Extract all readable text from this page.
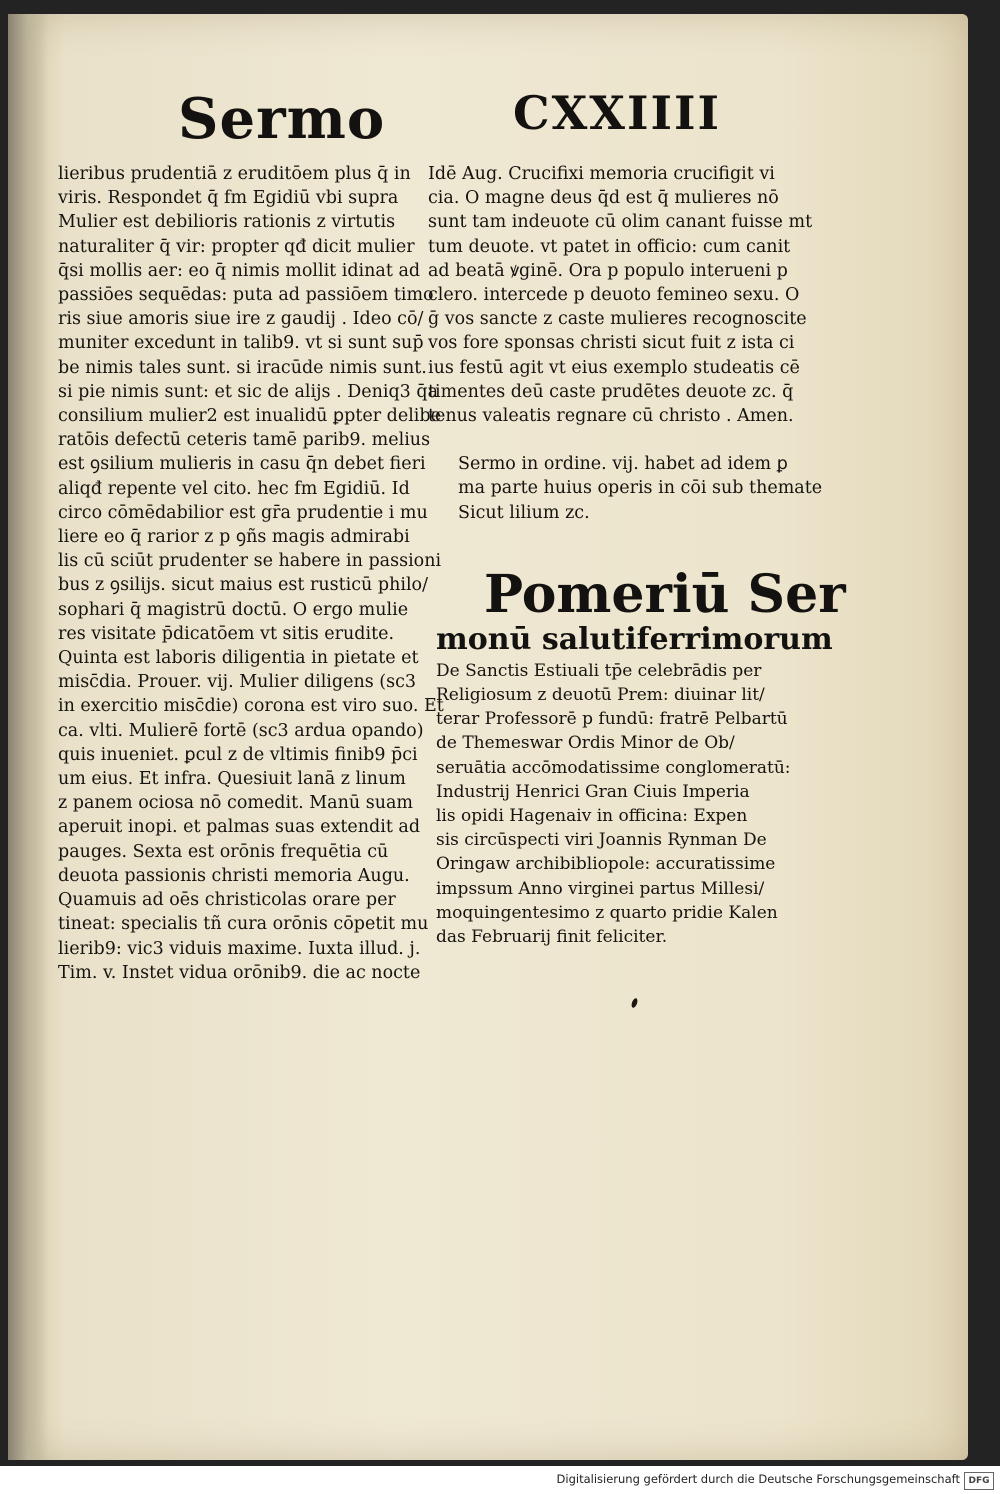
Sermo	CXXIIII
lieribus prudentiā z eruditōem plus q̄ in
viris. Respondet q̄ fm Egidiū vbi supra
Mulier est debilioris rationis z virtutis
naturaliter q̄ vir: propter qđ dicit mulier
q̄si mollis aer: eo q̄ nimis mollit idinat ad
passiōes sequēdas: puta ad passiōem timo
ris siue amoris siue ire z gaudij . Ideo cō/
muniter excedunt in talib9. vt si sunt sup̄
be nimis tales sunt. si iracūde nimis sunt.
si pie nimis sunt: et sic de alijs . Deniq3 q̄a
consilium mulier2 est inualidū ꝑpter delibe
ratōis defectū ceteris tamē parib9. melius
est ꝯsilium mulieris in casu q̄n debet fieri
aliqđ repente vel cito. hec fm Egidiū. Id
circo cōmēdabilior est gr̄a prudentie i mu
liere eo q̄ rarior z p ꝯñs magis admirabi
lis cū sciūt prudenter se habere in passioni
bus z ꝯsilijs. sicut maius est rusticū philo/
sophari q̄ magistrū doctū. O ergo mulie
res visitate p̄dicatōem vt sitis erudite.
Quinta est laboris diligentia in pietate et
misc̄dia. Prouer. vij. Mulier diligens (sc3
in exercitio misc̄die) corona est viro suo. Et
ca. vlti. Mulierē fortē (sc3 ardua opando)
quis inueniet. ꝑcul z de vltimis finib9 p̄ci
um eius. Et infra. Quesiuit lanā z linum
z panem ociosa nō comedit. Manū suam
aperuit inopi. et palmas suas extendit ad
pauges. Sexta est orōnis frequētia cū
deuota passionis christi memoria Augu.
Quamuis ad oēs christicolas orare per
tineat: specialis tñ cura orōnis cōpetit mu
lierib9: vic3 viduis maxime. Iuxta illud. j.
Tim. v. Instet vidua orōnib9. die ac nocte
Idē Aug. Crucifixi memoria crucifigit vi
cia. O magne deus q̄d est q̄ mulieres nō
sunt tam indeuote cū olim canant fuisse mt
tum deuote. vt patet in officio: cum canit
ad beatā ꝟginē. Ora p populo interueni p
clero. intercede p deuoto femineo sexu. O
ḡ vos sancte z caste mulieres recognoscite
vos fore sponsas christi sicut fuit z ista ci
ius festū agit vt eius exemplo studeatis cē
timentes deū caste prudētes deuote zc. q̄
tenus valeatis regnare cū christo . Amen.
Sermo in ordine. vij. habet ad idem ꝑ
ma parte huius operis in cōi sub themate
Sicut lilium zc.
Pomeriū Ser
monū salutiferrimorum
De Sanctis Estiuali tp̄e celebrādis per
Religiosum z deuotū Prem: diuinar lit/
terar Professorē p fundū: fratrē Pelbartū
de Themeswar Ordis Minor de Ob/
seruātia accōmodatissime conglomeratū:
Industrij Henrici Gran Ciuis Imperia
lis opidi Hagenaiv in officina: Expen
sis circūspecti viri Joannis Rynman De
Oringaw archibibliopole: accuratissime
impssum Anno virginei partus Millesi/
moquingentesimo z quarto pridie Kalen
das Februarij finit feliciter.
Digitalisierung gefördert durch die Deutsche Forschungsgemeinschaft DFG
